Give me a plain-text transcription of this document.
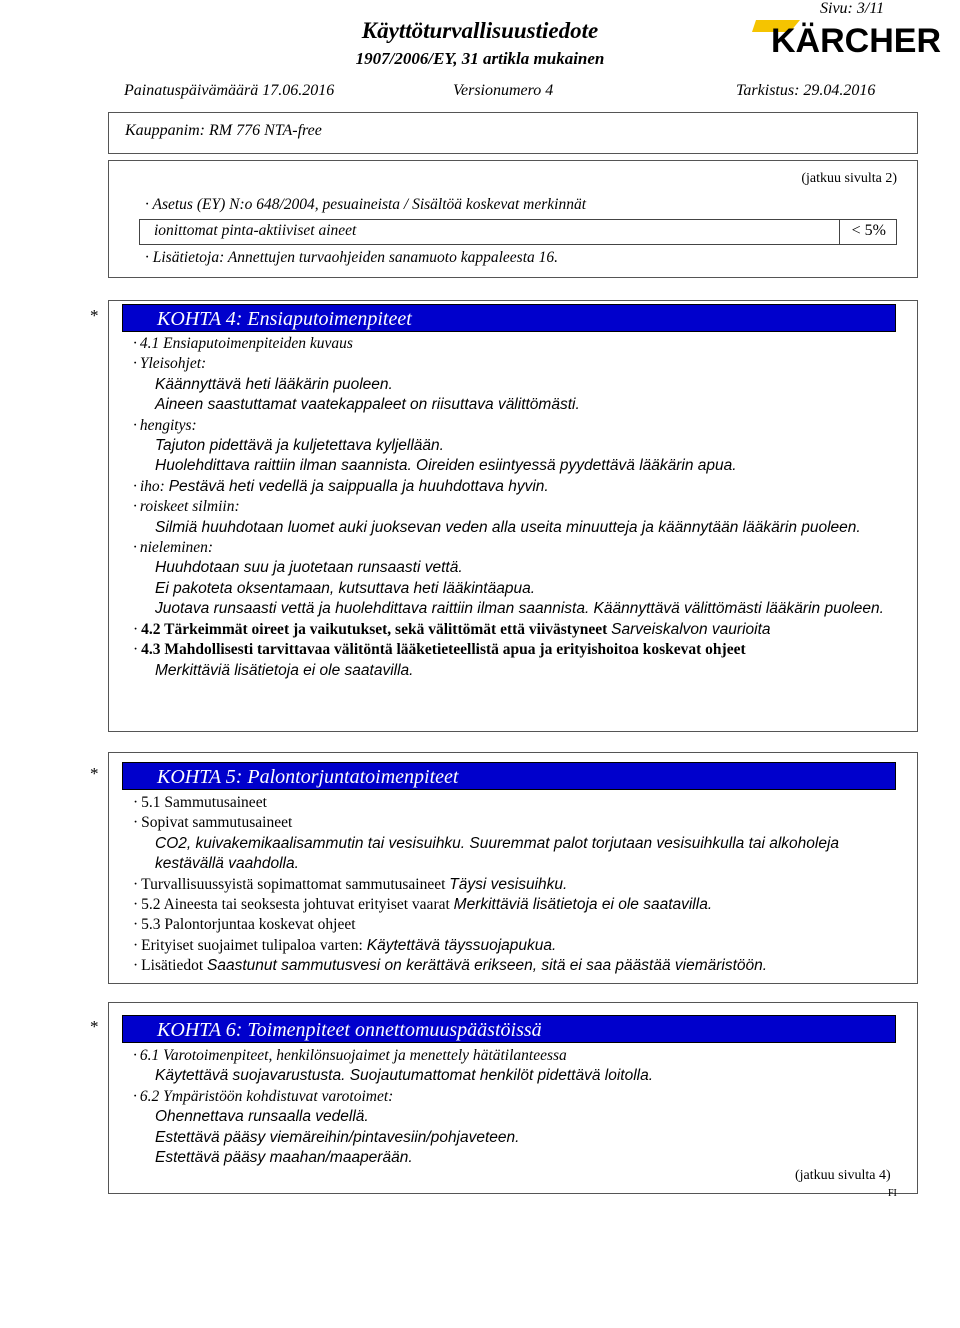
Sivu: 3/11
Käyttöturvallisuustiedote
1907/2006/EY, 31 artikla mukainen	KÄRCHER
Painatuspäivämäärä 17.06.2016	Versionumero 4	Tarkistus: 29.04.2016
Kauppanim: RM 776 NTA-free
(jatkuu sivulta 2)
· Asetus (EY) N:o 648/2004, pesuaineista / Sisältöä koskevat merkinnät
ionittomat pinta-aktiiviset aineet	< 5%
· Lisätietoja: Annettujen turvaohjeiden sanamuoto kappaleesta 16.
*	KOHTA 4: Ensiaputoimenpiteet
· 4.1 Ensiaputoimenpiteiden kuvaus
· Yleisohjet:
Käännyttävä heti lääkärin puoleen.
Aineen saastuttamat vaatekappaleet on riisuttava välittömästi.
· hengitys:
Tajuton pidettävä ja kuljetettava kyljellään.
Huolehdittava raittiin ilman saannista. Oireiden esiintyessä pyydettävä lääkärin apua.
· iho: Pestävä heti vedellä ja saippualla ja huuhdottava hyvin.
· roiskeet silmiin:
Silmiä huuhdotaan luomet auki juoksevan veden alla useita minuutteja ja käännytään lääkärin puoleen.
· nieleminen:
Huuhdotaan suu ja juotetaan runsaasti vettä.
Ei pakoteta oksentamaan, kutsuttava heti lääkintäapua.
Juotava runsaasti vettä ja huolehdittava raittiin ilman saannista. Käännyttävä välittömästi lääkärin puoleen.
· 4.2 Tärkeimmät oireet ja vaikutukset, sekä välittömät että viivästyneet Sarveiskalvon vaurioita
· 4.3 Mahdollisesti tarvittavaa välitöntä lääketieteellistä apua ja erityishoitoa koskevat ohjeet
Merkittäviä lisätietoja ei ole saatavilla.
*	KOHTA 5: Palontorjuntatoimenpiteet
· 5.1 Sammutusaineet
· Sopivat sammutusaineet
CO2, kuivakemikaalisammutin tai vesisuihku. Suuremmat palot torjutaan vesisuihkulla tai alkoholeja kestävällä vaahdolla.
· Turvallisuussyistä sopimattomat sammutusaineet Täysi vesisuihku.
· 5.2 Aineesta tai seoksesta johtuvat erityiset vaarat Merkittäviä lisätietoja ei ole saatavilla.
· 5.3 Palontorjuntaa koskevat ohjeet
· Erityiset suojaimet tulipaloa varten: Käytettävä täyssuojapukua.
· Lisätiedot Saastunut sammutusvesi on kerättävä erikseen, sitä ei saa päästää viemäristöön.
*	KOHTA 6: Toimenpiteet onnettomuuspäästöissä
· 6.1 Varotoimenpiteet, henkilönsuojaimet ja menettely hätätilanteessa
Käytettävä suojavarustusta. Suojautumattomat henkilöt pidettävä loitolla.
· 6.2 Ympäristöön kohdistuvat varotoimet:
Ohennettava runsaalla vedellä.
Estettävä pääsy viemäreihin/pintavesiin/pohjaveteen.
Estettävä pääsy maahan/maaperään.
(jatkuu sivulta 4)
FI
